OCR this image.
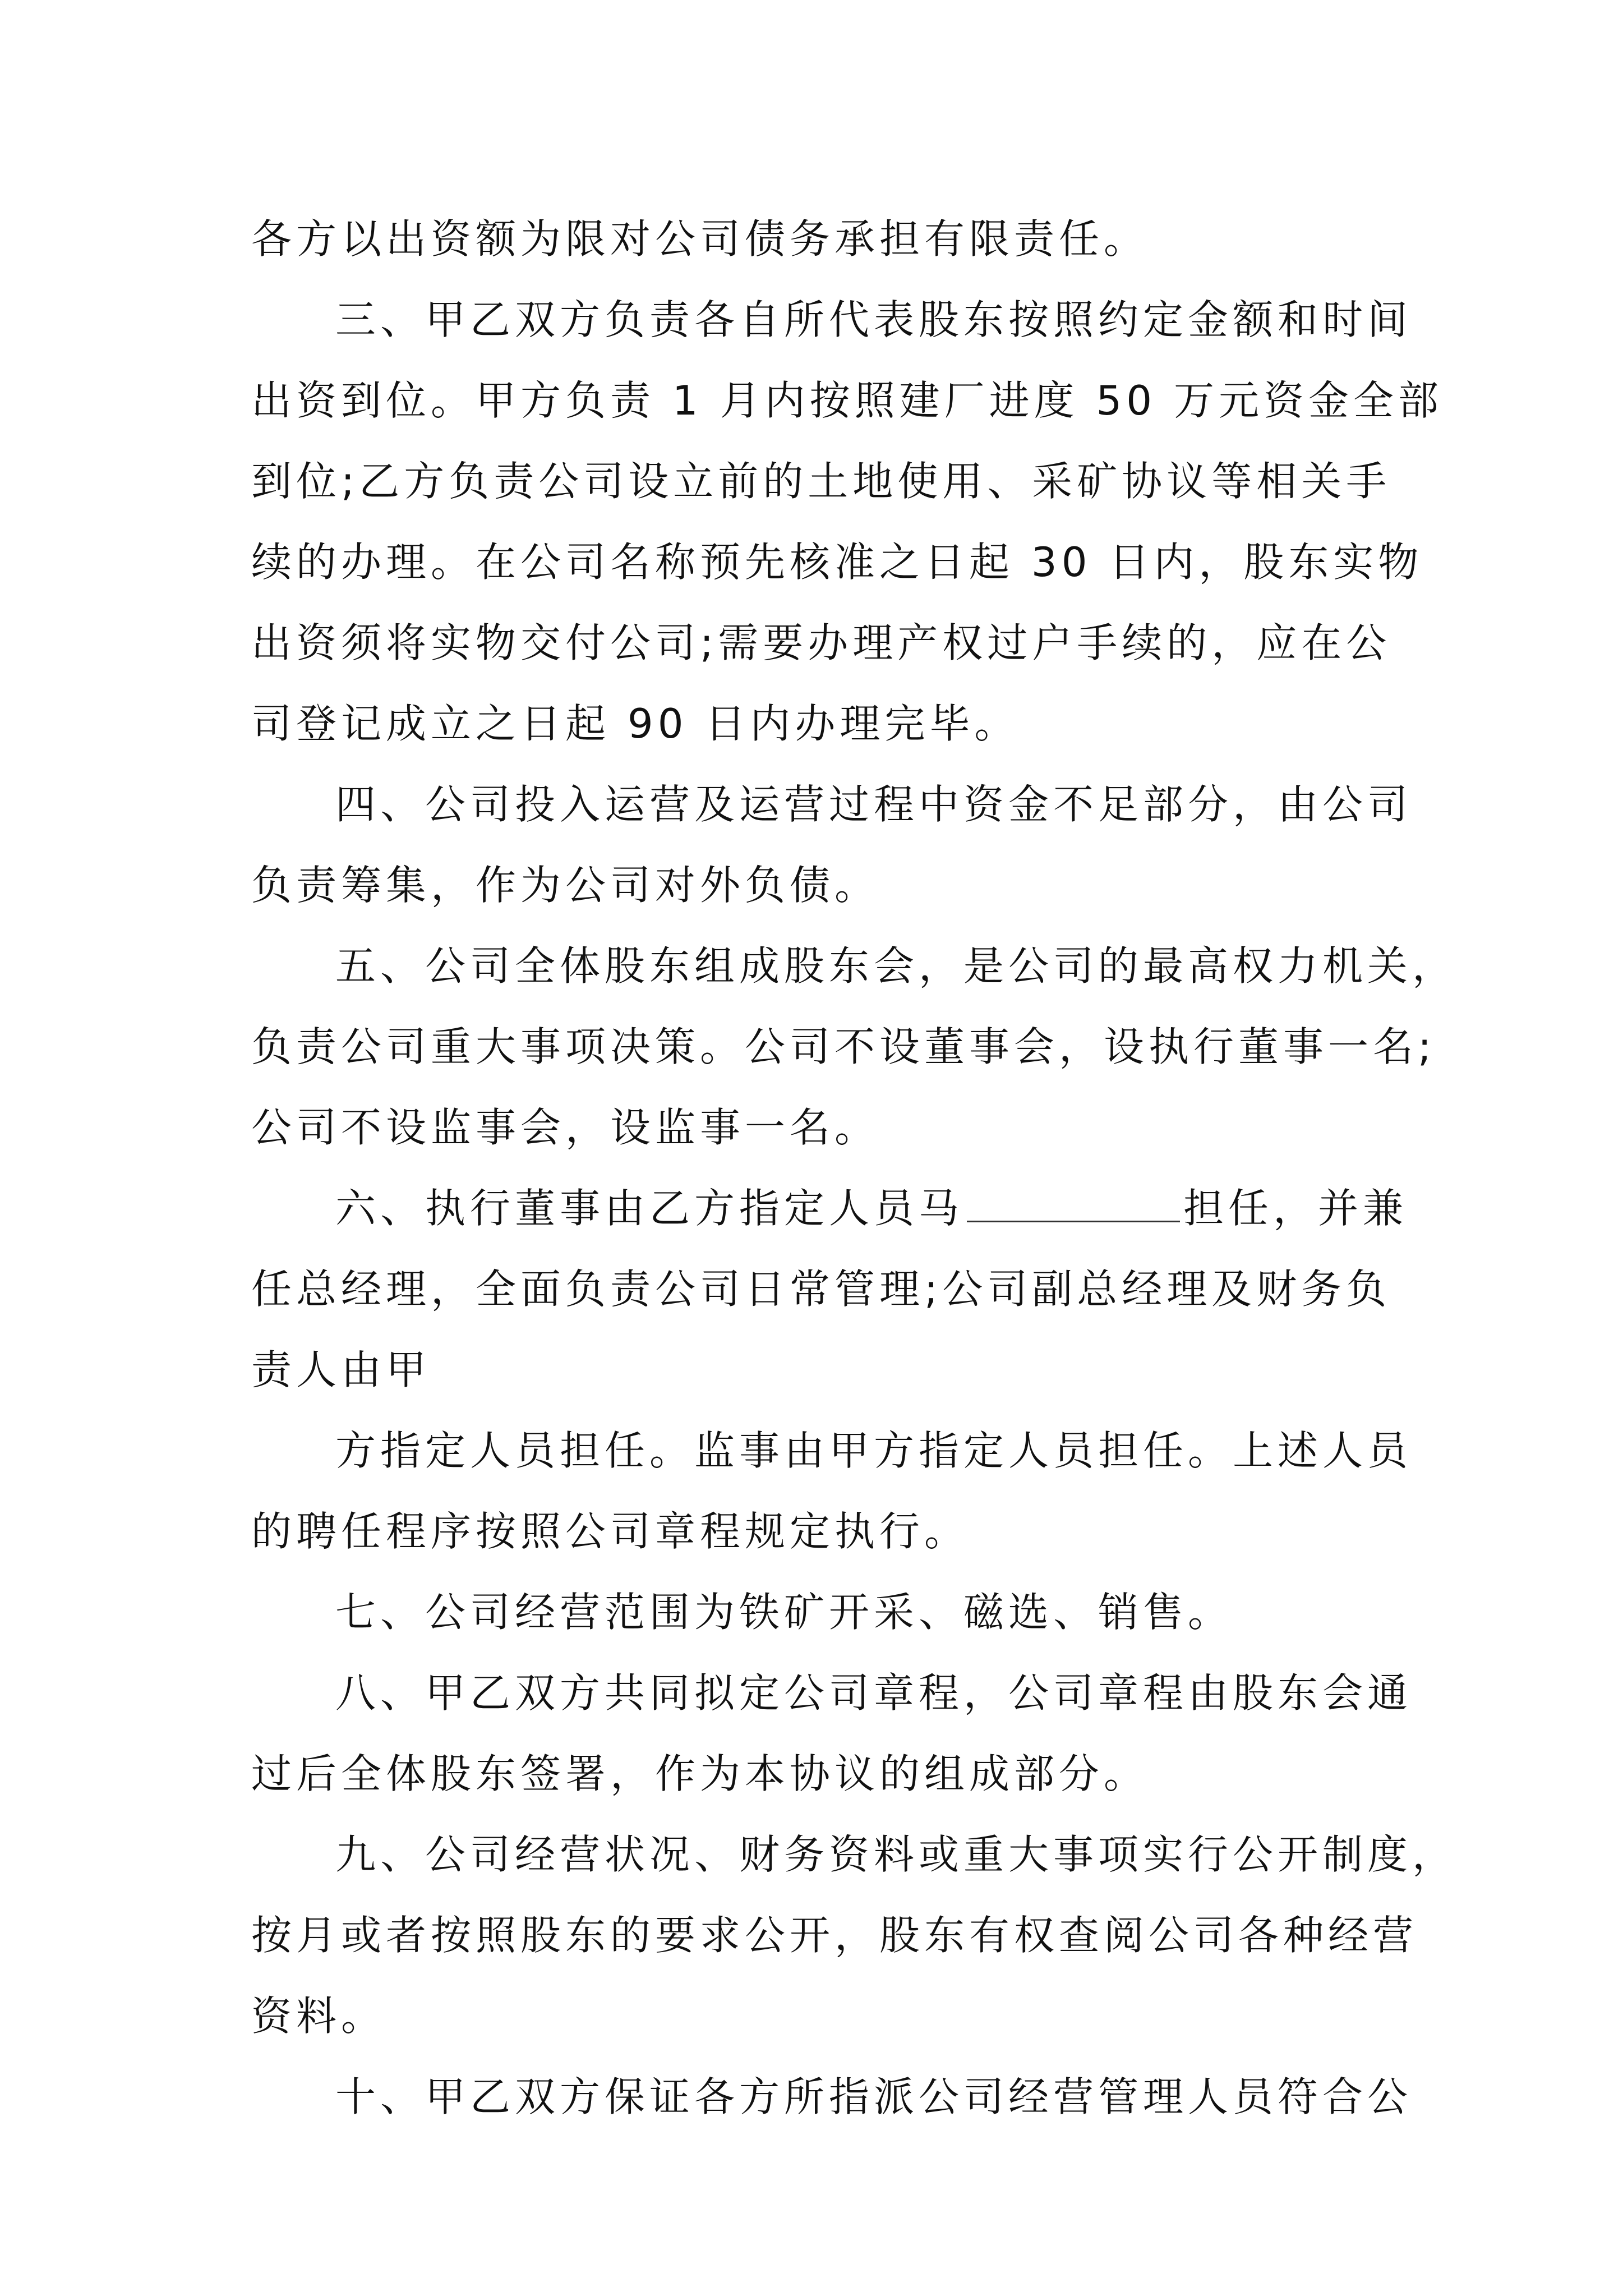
各方以出资额为限对公司债务承担有限责任。
三、甲乙双方负责各自所代表股东按照约定金额和时间
出资到位。甲方负责 1 月内按照建厂进度 50 万元资金全部
到位;乙方负责公司设立前的土地使用、采矿协议等相关手
续的办理。在公司名称预先核准之日起 30 日内，股东实物
出资须将实物交付公司;需要办理产权过户手续的，应在公
司登记成立之日起 90 日内办理完毕。
四、公司投入运营及运营过程中资金不足部分，由公司
负责筹集，作为公司对外负债。
五、公司全体股东组成股东会，是公司的最高权力机关，
负责公司重大事项决策。公司不设董事会，设执行董事一名;
公司不设监事会，设监事一名。
六、执行董事由乙方指定人员马	担任，并兼
任总经理，全面负责公司日常管理;公司副总经理及财务负
责人由甲
方指定人员担任。监事由甲方指定人员担任。上述人员
的聘任程序按照公司章程规定执行。
七、公司经营范围为铁矿开采、磁选、销售。
八、甲乙双方共同拟定公司章程，公司章程由股东会通
过后全体股东签署，作为本协议的组成部分。
九、公司经营状况、财务资料或重大事项实行公开制度，
按月或者按照股东的要求公开，股东有权查阅公司各种经营
资料。
十、甲乙双方保证各方所指派公司经营管理人员符合公
